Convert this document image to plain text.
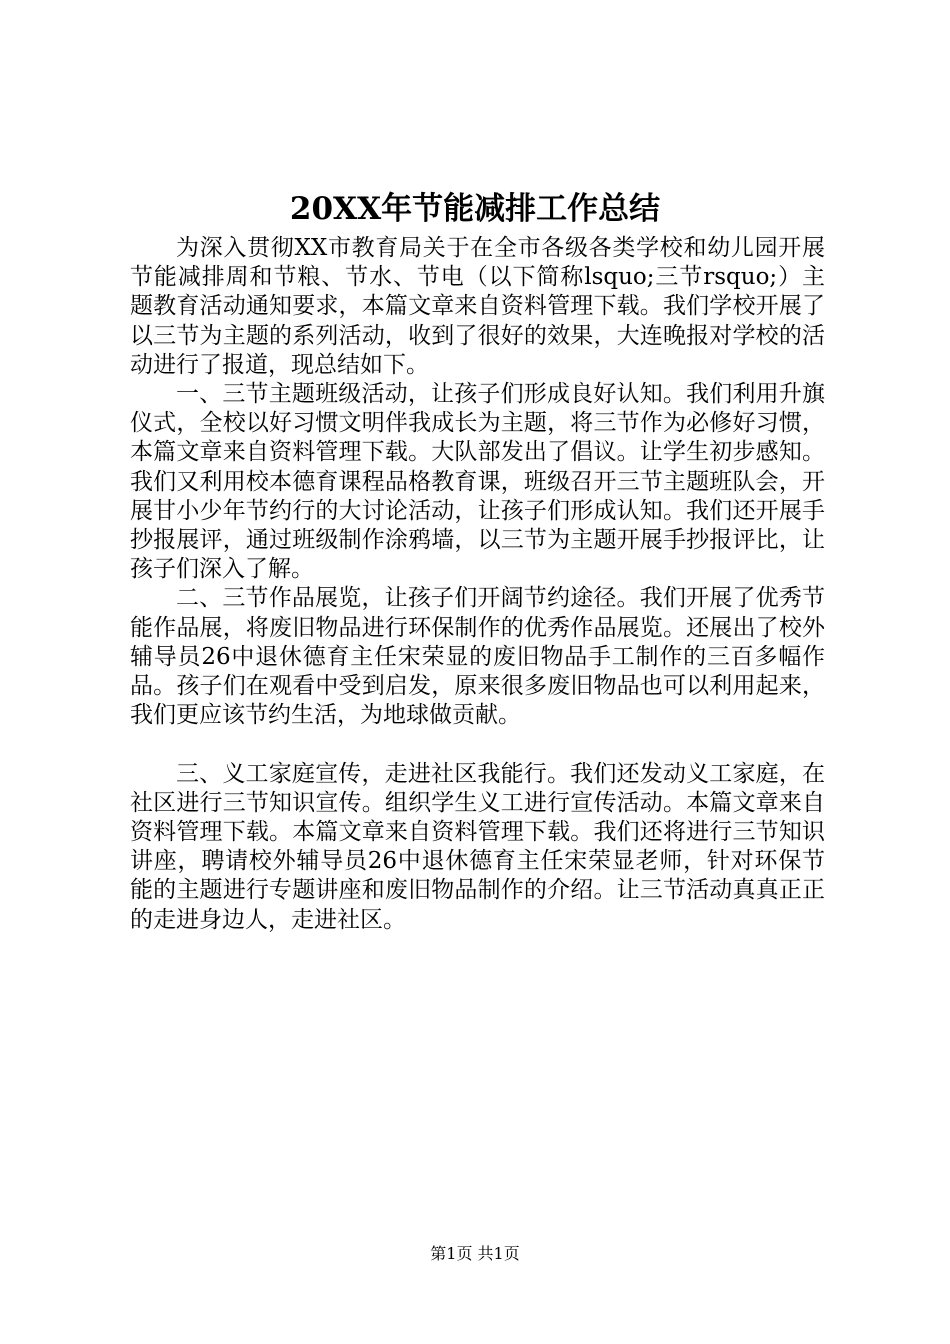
20XX年节能减排工作总结

为深入贯彻XX市教育局关于在全市各级各类学校和幼儿园开展节能减排周和节粮、节水、节电（以下简称lsquo;三节rsquo;）主题教育活动通知要求，本篇文章来自资料管理下载。我们学校开展了以三节为主题的系列活动，收到了很好的效果，大连晚报对学校的活动进行了报道，现总结如下。

一、三节主题班级活动，让孩子们形成良好认知。我们利用升旗仪式，全校以好习惯文明伴我成长为主题，将三节作为必修好习惯，本篇文章来自资料管理下载。大队部发出了倡议。让学生初步感知。我们又利用校本德育课程品格教育课，班级召开三节主题班队会，开展甘小少年节约行的大讨论活动，让孩子们形成认知。我们还开展手抄报展评，通过班级制作涂鸦墙，以三节为主题开展手抄报评比，让孩子们深入了解。

二、三节作品展览，让孩子们开阔节约途径。我们开展了优秀节能作品展，将废旧物品进行环保制作的优秀作品展览。还展出了校外辅导员26中退休德育主任宋荣显的废旧物品手工制作的三百多幅作品。孩子们在观看中受到启发，原来很多废旧物品也可以利用起来，我们更应该节约生活，为地球做贡献。

三、义工家庭宣传，走进社区我能行。我们还发动义工家庭，在社区进行三节知识宣传。组织学生义工进行宣传活动。本篇文章来自资料管理下载。本篇文章来自资料管理下载。我们还将进行三节知识讲座，聘请校外辅导员26中退休德育主任宋荣显老师，针对环保节能的主题进行专题讲座和废旧物品制作的介绍。让三节活动真真正正的走进身边人，走进社区。

第1页 共1页
